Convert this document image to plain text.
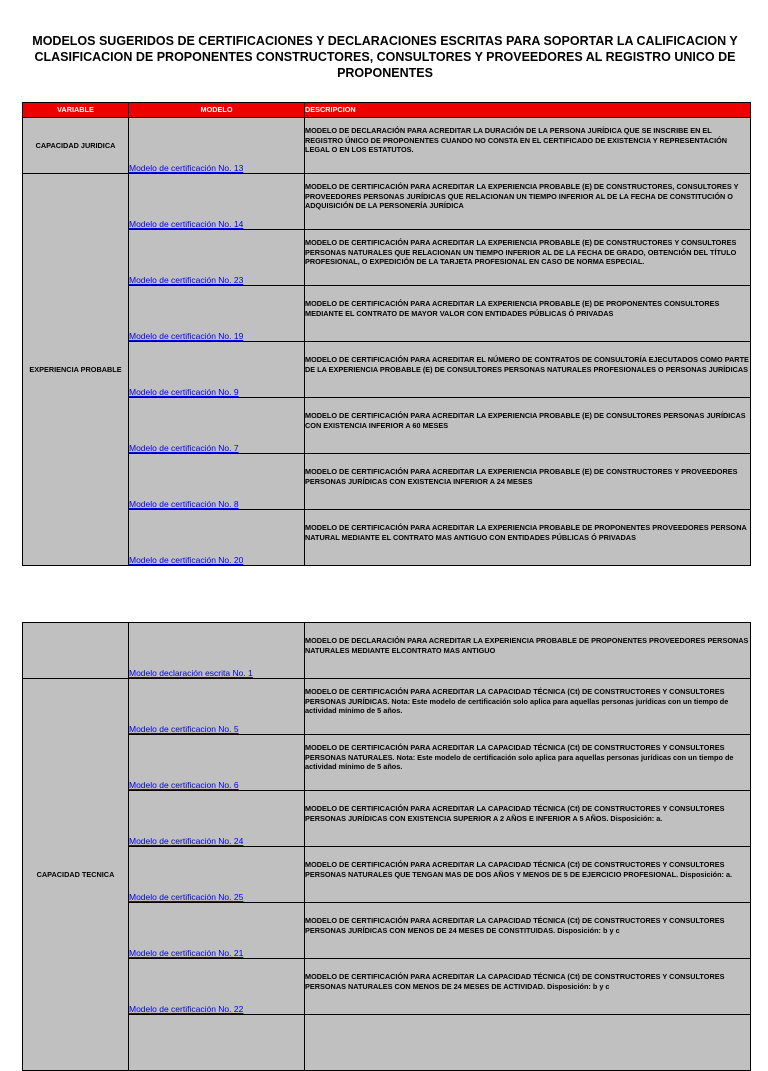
MODELOS SUGERIDOS DE CERTIFICACIONES Y DECLARACIONES ESCRITAS PARA SOPORTAR LA CALIFICACION Y CLASIFICACION DE PROPONENTES CONSTRUCTORES, CONSULTORES Y PROVEEDORES AL REGISTRO UNICO DE PROPONENTES
VARIABLE	MODELO	DESCRIPCION
CAPACIDAD JURIDICA	Modelo de certificación No. 13	MODELO DE DECLARACIÓN PARA ACREDITAR LA DURACIÓN DE LA PERSONA JURÍDICA QUE SE INSCRIBE EN EL REGISTRO ÚNICO DE PROPONENTES CUANDO NO CONSTA EN EL CERTIFICADO DE EXISTENCIA Y REPRESENTACIÓN LEGAL O EN LOS ESTATUTOS.

EXPERIENCIA PROBABLE	Modelo de certificación No. 14	MODELO DE CERTIFICACIÓN PARA ACREDITAR LA EXPERIENCIA PROBABLE (E) DE CONSTRUCTORES, CONSULTORES Y PROVEEDORES PERSONAS JURÍDICAS QUE RELACIONAN UN TIEMPO INFERIOR AL DE LA FECHA DE CONSTITUCIÓN O ADQUISICIÓN DE LA PERSONERÍA JURÍDICA

	Modelo de certificación No. 23	MODELO DE CERTIFICACIÓN PARA ACREDITAR LA EXPERIENCIA PROBABLE (E) DE CONSTRUCTORES Y CONSULTORES PERSONAS NATURALES QUE RELACIONAN UN TIEMPO INFERIOR AL DE LA FECHA DE GRADO, OBTENCIÓN DEL TÍTULO PROFESIONAL, O EXPEDICIÓN DE LA TARJETA PROFESIONAL EN CASO DE NORMA ESPECIAL.

	Modelo de certificación No. 19	MODELO DE CERTIFICACIÓN PARA ACREDITAR LA EXPERIENCIA PROBABLE (E) DE PROPONENTES CONSULTORES MEDIANTE EL CONTRATO DE MAYOR VALOR CON ENTIDADES PÚBLICAS Ó PRIVADAS

	Modelo de certificación No. 9	MODELO DE CERTIFICACIÓN PARA ACREDITAR EL NÚMERO DE CONTRATOS DE CONSULTORÍA EJECUTADOS COMO PARTE DE LA EXPERIENCIA PROBABLE (E) DE CONSULTORES PERSONAS NATURALES PROFESIONALES O PERSONAS JURÍDICAS

	Modelo de certificación No. 7	MODELO DE CERTIFICACIÓN PARA ACREDITAR LA EXPERIENCIA PROBABLE (E) DE CONSULTORES PERSONAS JURÍDICAS CON EXISTENCIA INFERIOR A 60 MESES

	Modelo de certificación No. 8	MODELO DE CERTIFICACIÓN PARA ACREDITAR LA EXPERIENCIA PROBABLE (E) DE CONSTRUCTORES Y PROVEEDORES PERSONAS JURÍDICAS CON EXISTENCIA INFERIOR A 24 MESES

	Modelo de certificación No. 20	MODELO DE CERTIFICACIÓN PARA ACREDITAR LA EXPERIENCIA PROBABLE DE PROPONENTES PROVEEDORES PERSONA NATURAL MEDIANTE EL CONTRATO MAS ANTIGUO CON ENTIDADES PÚBLICAS Ó PRIVADAS
	Modelo declaración escrita No. 1	MODELO DE DECLARACIÓN PARA ACREDITAR LA EXPERIENCIA PROBABLE DE PROPONENTES PROVEEDORES PERSONAS NATURALES MEDIANTE ELCONTRATO MAS ANTIGUO

CAPACIDAD TECNICA	Modelo de certificacion No. 5	MODELO DE CERTIFICACIÓN PARA ACREDITAR LA CAPACIDAD TÉCNICA (Ct) DE CONSTRUCTORES Y CONSULTORES PERSONAS JURÍDICAS. Nota: Este modelo de certificación solo aplica para aquellas personas jurídicas con un tiempo de actividad mínimo de 5 años.

	Modelo de certificacion No. 6	MODELO DE CERTIFICACIÓN PARA ACREDITAR LA CAPACIDAD TÉCNICA (Ct) DE CONSTRUCTORES Y CONSULTORES PERSONAS NATURALES. Nota: Este modelo de certificación solo aplica para aquellas personas jurídicas con un tiempo de actividad mínimo de 5 años.

	Modelo de certificación No. 24	MODELO DE CERTIFICACIÓN PARA ACREDITAR LA CAPACIDAD TÉCNICA (Ct) DE CONSTRUCTORES Y CONSULTORES PERSONAS JURÍDICAS CON EXISTENCIA SUPERIOR A 2 AÑOS E INFERIOR A 5 AÑOS. Disposición: a.

	Modelo de certificación No. 25	MODELO DE CERTIFICACIÓN PARA ACREDITAR LA CAPACIDAD TÉCNICA (Ct) DE CONSTRUCTORES Y CONSULTORES PERSONAS NATURALES QUE TENGAN MAS DE DOS AÑOS Y MENOS DE 5 DE EJERCICIO PROFESIONAL. Disposición: a.

	Modelo de certificación No. 21	MODELO DE CERTIFICACIÓN PARA ACREDITAR LA CAPACIDAD TÉCNICA (Ct) DE CONSTRUCTORES Y CONSULTORES PERSONAS JURÍDICAS CON MENOS DE 24 MESES DE CONSTITUIDAS. Disposición: b y c

	Modelo de certificación No. 22	MODELO DE CERTIFICACIÓN PARA ACREDITAR LA CAPACIDAD TÉCNICA (Ct) DE CONSTRUCTORES Y CONSULTORES PERSONAS NATURALES CON MENOS DE 24 MESES DE ACTIVIDAD. Disposición: b y c
